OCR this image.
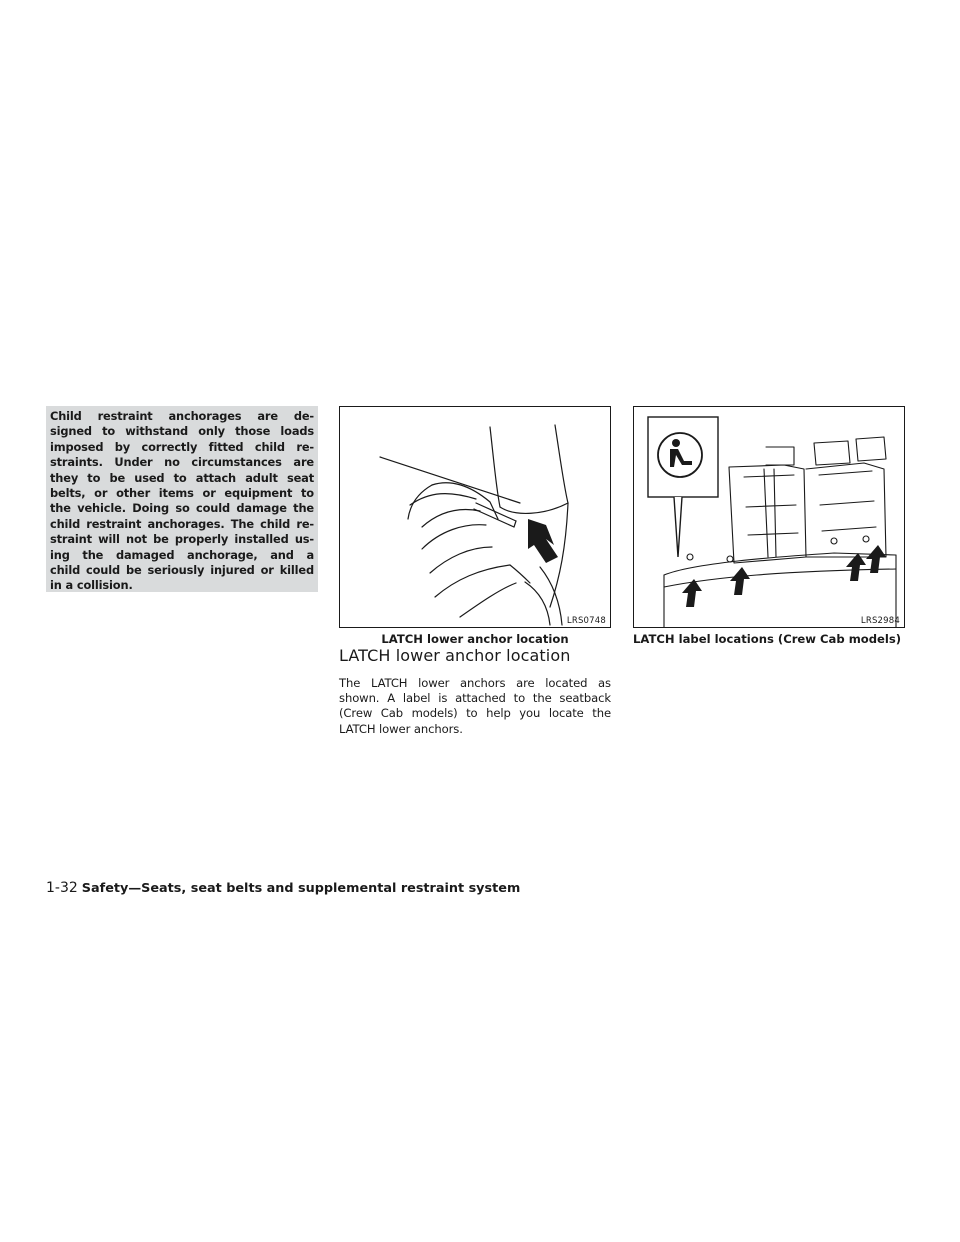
Child restraint anchorages are de-
signed to withstand only those loads
imposed by correctly fitted child re-
straints. Under no circumstances are
they to be used to attach adult seat
belts, or other items or equipment to
the vehicle. Doing so could damage the
child restraint anchorages. The child re-
straint will not be properly installed us-
ing the damaged anchorage, and a
child could be seriously injured or killed
in a collision.
LRS0748	LRS2984
LATCH lower anchor location	LATCH label locations (Crew Cab models)
LATCH lower anchor location
The LATCH lower anchors are located as
shown. A label is attached to the seatback
(Crew Cab models) to help you locate the
LATCH lower anchors.
1-32 Safety—Seats, seat belts and supplemental restraint system
